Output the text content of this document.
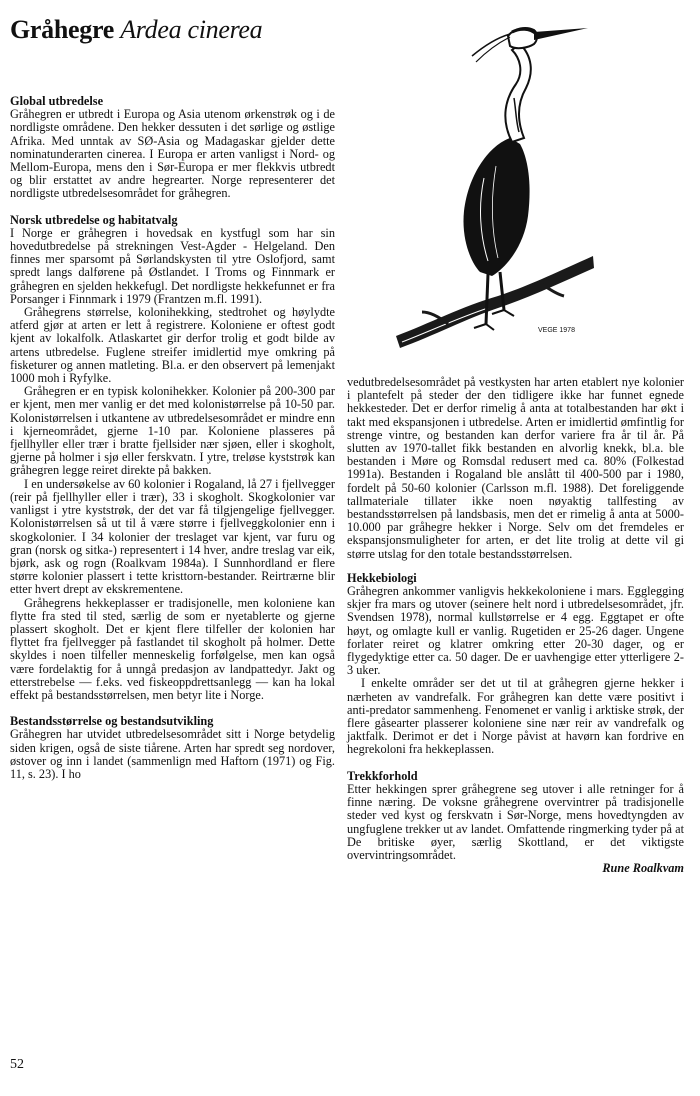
Gråhegre Ardea cinerea
VEGE 1978
Global utbredelse

Gråhegren er utbredt i Europa og Asia utenom ørkenstrøk og i de nordligste områdene. Den hekker dessuten i det sørlige og østlige Afrika. Med unntak av SØ-Asia og Madagaskar gjelder dette nominatunderarten cinerea. I Europa er arten vanligst i Nord- og Mellom-Europa, mens den i Sør-Europa er mer flekkvis utbredt og blir erstattet av andre hegrearter. Norge representerer det nordligste utbredelsesområdet for gråhegren.

Norsk utbredelse og habitatvalg

I Norge er gråhegren i hovedsak en kystfugl som har sin hovedutbredelse på strekningen Vest-Agder - Helgeland. Den finnes mer sparsomt på Sørlandskysten til ytre Oslofjord, samt spredt langs dalførene på Østlandet. I Troms og Finnmark er gråhegren en sjelden hekkefugl. Det nordligste hekkefunnet er fra Porsanger i Finnmark i 1979 (Frantzen m.fl. 1991).

Gråhegrens størrelse, kolonihekking, stedtrohet og høylydte atferd gjør at arten er lett å registrere. Koloniene er oftest godt kjent av lokalfolk. Atlaskartet gir derfor trolig et godt bilde av artens utbredelse. Fuglene streifer imidlertid mye omkring på fisketurer og annen matleting. Bl.a. er den observert på lemenjakt 1000 moh i Ryfylke.

Gråhegren er en typisk kolonihekker. Kolonier på 200-300 par er kjent, men mer vanlig er det med kolonistørrelse på 10-50 par. Kolonistørrelsen i utkantene av utbredelsesområdet er mindre enn i kjerneområdet, gjerne 1-10 par. Koloniene plasseres på fjellhyller eller trær i bratte fjellsider nær sjøen, eller i skogholt, gjerne på holmer i sjø eller ferskvatn. I ytre, treløse kyststrøk kan gråhegren legge reiret direkte på bakken.

I en undersøkelse av 60 kolonier i Rogaland, lå 27 i fjellvegger (reir på fjellhyller eller i trær), 33 i skogholt. Skogkolonier var vanligst i ytre kyststrøk, der det var få tilgjengelige fjellvegger. Kolonistørrelsen så ut til å være større i fjellveggkolonier enn i skogkolonier. I 34 kolonier der treslaget var kjent, var furu og gran (norsk og sitka-) representert i 14 hver, andre treslag var eik, bjørk, ask og rogn (Roalkvam 1984a). I Sunnhordland er flere større kolonier plassert i tette kristtorn-bestander. Reirtrærne blir etter hvert drept av ekskrementene.

Gråhegrens hekkeplasser er tradisjonelle, men koloniene kan flytte fra sted til sted, særlig de som er nyetablerte og gjerne plassert skogholt. Det er kjent flere tilfeller der kolonien har flyttet fra fjellvegger på fastlandet til skogholt på holmer. Dette skyldes i noen tilfeller menneskelig forfølgelse, men kan også være fordelaktig for å unngå predasjon av landpattedyr. Jakt og etterstrebelse — f.eks. ved fiskeoppdrettsanlegg — kan ha lokal effekt på bestandsstørrelsen, men betyr lite i Norge.

Bestandsstørrelse og bestandsutvikling

Gråhegren har utvidet utbredelsesområdet sitt i Norge betydelig siden krigen, også de siste tiårene. Arten har spredt seg nordover, østover og inn i landet (sammenlign med Haftorn (1971) og Fig. 11, s. 23). I ho

vedutbredelsesområdet på vestkysten har arten etablert nye kolonier i plantefelt på steder der den tidligere ikke har funnet egnede hekkesteder. Det er derfor rimelig å anta at totalbestanden har økt i takt med ekspansjonen i utbredelse. Arten er imidlertid ømfintlig for strenge vintre, og bestanden kan derfor variere fra år til år. På slutten av 1970-tallet fikk bestanden en alvorlig knekk, bl.a. ble bestanden i Møre og Romsdal redusert med ca. 80% (Folkestad 1991a). Bestanden i Rogaland ble anslått til 400-500 par i 1980, fordelt på 50-60 kolonier (Carlsson m.fl. 1988). Det foreliggende tallmateriale tillater ikke noen nøyaktig tallfesting av bestandsstørrelsen på landsbasis, men det er rimelig å anta at 5000-10.000 par gråhegre hekker i Norge. Selv om det fremdeles er ekspansjonsmuligheter for arten, er det lite trolig at dette vil gi større utslag for den totale bestandsstørrelsen.

Hekkebiologi

Gråhegren ankommer vanligvis hekkekoloniene i mars. Egglegging skjer fra mars og utover (seinere helt nord i utbredelsesområdet, jfr. Svendsen 1978), normal kullstørrelse er 4 egg. Eggtapet er ofte høyt, og omlagte kull er vanlig. Rugetiden er 25-26 dager. Ungene forlater reiret og klatrer omkring etter 20-30 dager, og er flygedyktige etter ca. 50 dager. De er uavhengige etter ytterligere 2-3 uker.

I enkelte områder ser det ut til at gråhegren gjerne hekker i nærheten av vandrefalk. For gråhegren kan dette være positivt i anti-predator sammenheng. Fenomenet er vanlig i arktiske strøk, der flere gåsearter plasserer koloniene sine nær reir av vandrefalk og jaktfalk. Derimot er det i Norge påvist at havørn kan fordrive en hegrekoloni fra hekkeplassen.

Trekkforhold

Etter hekkingen sprer gråhegrene seg utover i alle retninger for å finne næring. De voksne gråhegrene overvintrer på tradisjonelle steder ved kyst og ferskvatn i Sør-Norge, mens hovedtyngden av ungfuglene trekker ut av landet. Omfattende ringmerking tyder på at De britiske øyer, særlig Skottland, er det viktigste overvintringsområdet.

Rune Roalkvam

52
